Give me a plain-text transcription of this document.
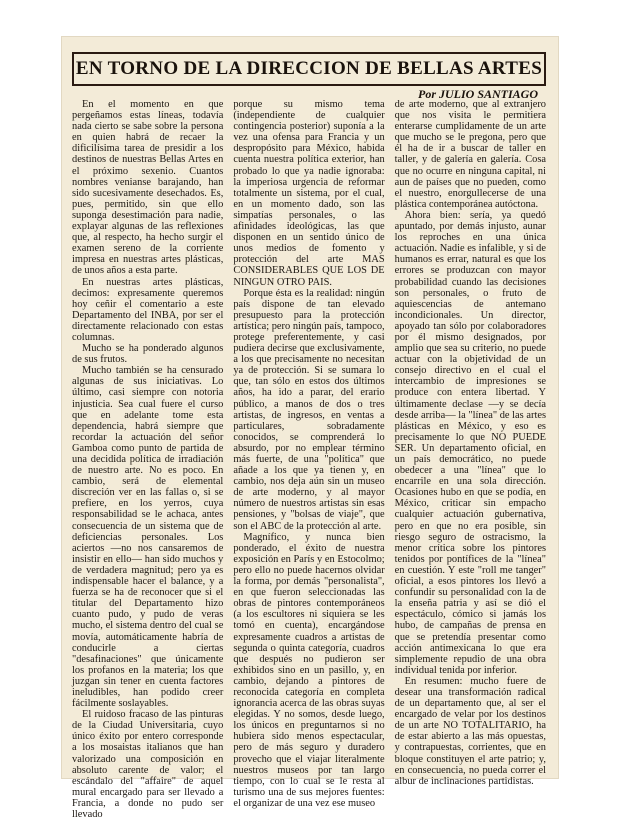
EN TORNO DE LA DIRECCION DE BELLAS ARTES
Por JULIO SANTIAGO

En el momento en que pergeñamos estas líneas, todavía nada cierto se sabe sobre la persona en quien habrá de recaer la dificilísima tarea de presidir a los destinos de nuestras Bellas Artes en el próximo sexenio. Cuantos nombres venianse barajando, han sido sucesivamente desechados. Es, pues, permitido, sin que ello suponga desestimación para nadie, explayar algunas de las reflexiones que, al respecto, ha hecho surgir el examen sereno de la corriente impresa en nuestras artes plásticas, de unos años a esta parte.

En nuestras artes plásticas, decimos: expresamente queremos hoy ceñir el comentario a este Departamento del INBA, por ser el directamente relacionado con estas columnas.

Mucho se ha ponderado algunos de sus frutos.

Mucho también se ha censurado algunas de sus iniciativas. Lo último, casi siempre con notoria injusticia. Sea cual fuere el curso que en adelante tome esta dependencia, habrá siempre que recordar la actuación del señor Gamboa como punto de partida de una decidida política de irradiación de nuestro arte. No es poco. En cambio, será de elemental discreción ver en las fallas o, si se prefiere, en los yerros, cuya responsabilidad se le achaca, antes consecuencia de un sistema que de deficiencias personales. Los aciertos —no nos cansaremos de insistir en ello— han sido muchos y de verdadera magnitud; pero ya es indispensable hacer el balance, y a fuerza se ha de reconocer que si el titular del Departamento hizo cuanto pudo, y pudo de veras mucho, el sistema dentro del cual se movía, automáticamente habría de conducirle a ciertas "desafinaciones" que únicamente los profanos en la materia; los que juzgan sin tener en cuenta factores ineludibles, han podido creer fácilmente soslayables.

El ruidoso fracaso de las pinturas de la Ciudad Universitaria, cuyo único éxito por entero corresponde a los mosaistas italianos que han valorizado una composición en absoluto carente de valor; el escándalo del "affaire" de aquel mural encargado para ser llevado a Francia, a donde no pudo ser llevado

porque su mismo tema (independiente de cualquier contingencia posterior) suponía a la vez una ofensa para Francia y un despropósito para México, habida cuenta nuestra política exterior, han probado lo que ya nadie ignoraba: la imperiosa urgencia de reformar totalmente un sistema, por el cual, en un momento dado, son las simpatías personales, o las afinidades ideológicas, las que disponen en un sentido único de unos medios de fomento y protección del arte MAS CONSIDERABLES QUE LOS DE NINGUN OTRO PAIS.

Porque ésta es la realidad: ningún país dispone de tan elevado presupuesto para la protección artística; pero ningún país, tampoco, protege preferentemente, y casi pudiera decirse que exclusivamente, a los que precisamente no necesitan ya de protección. Si se sumara lo que, tan sólo en estos dos últimos años, ha ido a parar, del erario público, a manos de dos o tres artistas, de ingresos, en ventas a particulares, sobradamente conocidos, se comprenderá lo absurdo, por no emplear término más fuerte, de una "política" que añade a los que ya tienen y, en cambio, nos deja aún sin un museo de arte moderno, y al mayor número de nuestros artistas sin esas pensiones, y "bolsas de viaje", que son el ABC de la protección al arte.

Magnífico, y nunca bien ponderado, el éxito de nuestra exposición en París y en Estocolmo; pero ello no puede hacernos olvidar la forma, por demás "personalista", en que fueron seleccionadas las obras de pintores contemporáneos (a los escultores ni siquiera se les tomó en cuenta), encargándose expresamente cuadros a artistas de segunda o quinta categoría, cuadros que después no pudieron ser exhibidos sino en un pasillo, y, en cambio, dejando a pintores de reconocida categoría en completa ignorancia acerca de las obras suyas elegidas. Y no somos, desde luego, los únicos en preguntarnos si no hubiera sido menos espectacular, pero de más seguro y duradero provecho que el viajar literalmente nuestros museos por tan largo tiempo, con lo cual se le resta al turismo una de sus mejores fuentes: el organizar de una vez ese museo

de arte moderno, que al extranjero que nos visita le permitiera enterarse cumplidamente de un arte que mucho se le pregona, pero que él ha de ir a buscar de taller en taller, y de galería en galería. Cosa que no ocurre en ninguna capital, ni aun de países que no pueden, como el nuestro, enorgullecerse de una plástica contemporánea autóctona.

Ahora bien: sería, ya quedó apuntado, por demás injusto, aunar los reproches en una única actuación. Nadie es infalible, y si de humanos es errar, natural es que los errores se produzcan con mayor probabilidad cuando las decisiones son personales, o fruto de aquiescencias de antemano incondicionales. Un director, apoyado tan sólo por colaboradores por él mismo designados, por amplio que sea su criterio, no puede actuar con la objetividad de un consejo directivo en el cual el intercambio de impresiones se produce con entera libertad. Y últimamente declase —y se decía desde arriba— la "línea" de las artes plásticas en México, y eso es precisamente lo que NO PUEDE SER. Un departamento oficial, en un país democrático, no puede obedecer a una "línea" que lo encarrile en una sola dirección. Ocasiones hubo en que se podía, en México, criticar sin empacho cualquier actuación gubernativa, pero en que no era posible, sin riesgo seguro de ostracismo, la menor crítica sobre los pintores tenidos por pontífices de la "línea" en cuestión. Y este "roll me tanger" oficial, a esos pintores los llevó a confundir su personalidad con la de la enseña patria y así se dió el espectáculo, cómico si jamás los hubo, de campañas de prensa en que se pretendía presentar como acción antimexicana lo que era simplemente repudio de una obra individual tenida por inferior.

En resumen: mucho fuere de desear una transformación radical de un departamento que, al ser el encargado de velar por los destinos de un arte NO TOTALITARIO, ha de estar abierto a las más opuestas, y contrapuestas, corrientes, que en bloque constituyen el arte patrio; y, en consecuencia, no pueda correr el albur de inclinaciones partidistas.
